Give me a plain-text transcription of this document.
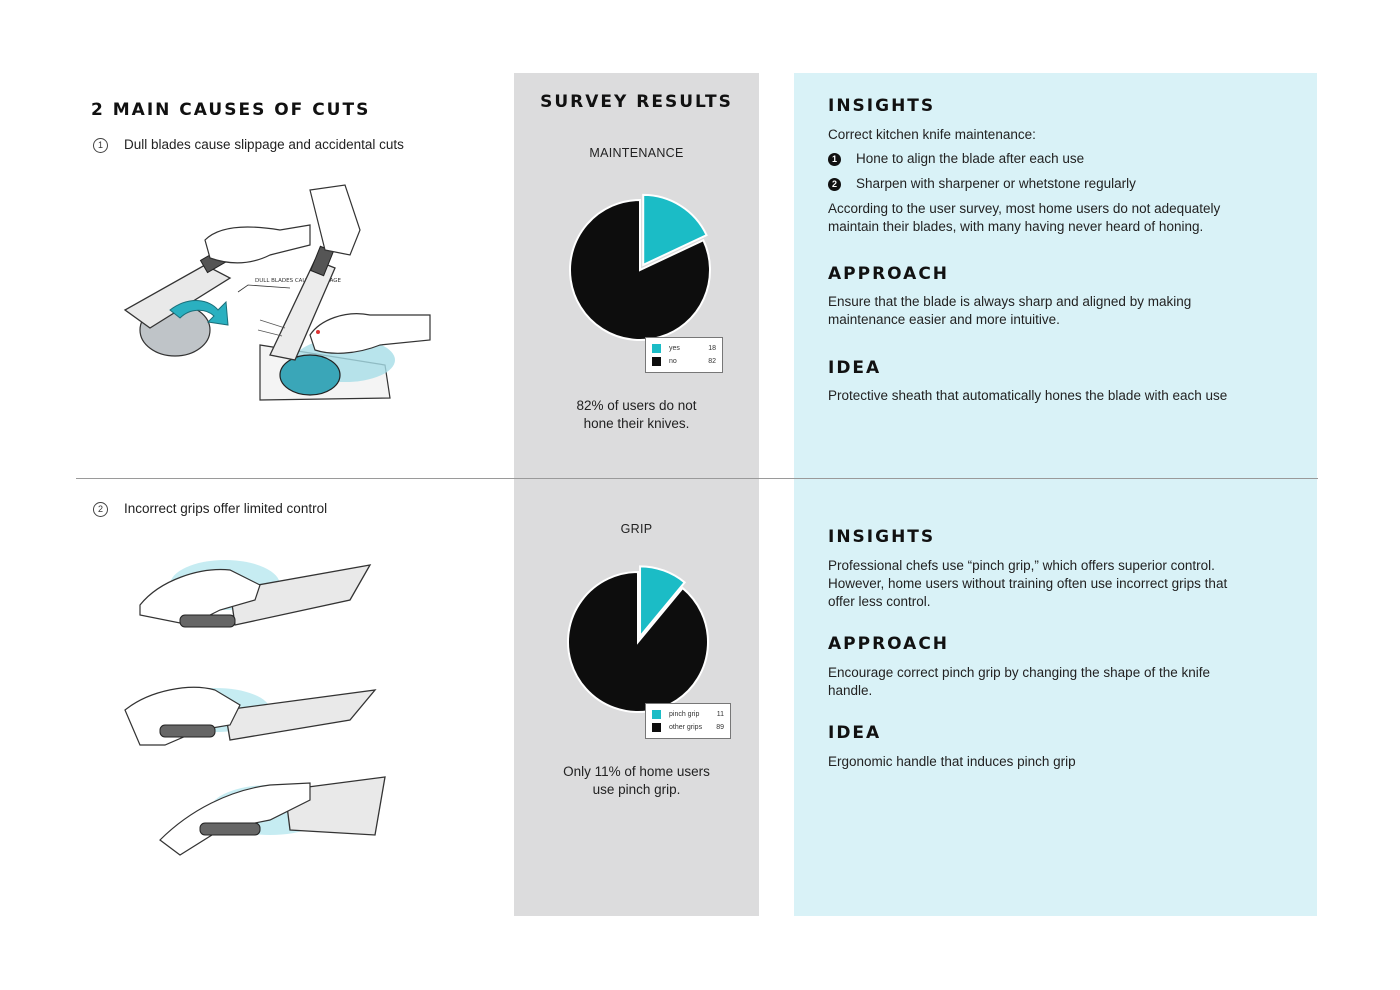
2 MAIN CAUSES OF CUTS
1 Dull blades cause slippage and accidental cuts
DULL BLADES CAUSE SLIPPAGE
2 Incorrect grips offer limited control
SURVEY RESULTS
MAINTENANCE
yes	18
no	82
82% of users do not
hone their knives.
GRIP
pinch grip	11
other grips	89
Only 11% of home users
use pinch grip.
INSIGHTS
Correct kitchen knife maintenance:
1 Hone to align the blade after each use
2 Sharpen with sharpener or whetstone regularly
According to the user survey, most home users do not adequately
maintain their blades, with many having never heard of honing.
APPROACH
Ensure that the blade is always sharp and aligned by making
maintenance easier and more intuitive.
IDEA
Protective sheath that automatically hones the blade with each use
INSIGHTS
Professional chefs use “pinch grip,” which offers superior control.
However, home users without training often use incorrect grips that
offer less control.
APPROACH
Encourage correct pinch grip by changing the shape of the knife
handle.
IDEA
Ergonomic handle that induces pinch grip
